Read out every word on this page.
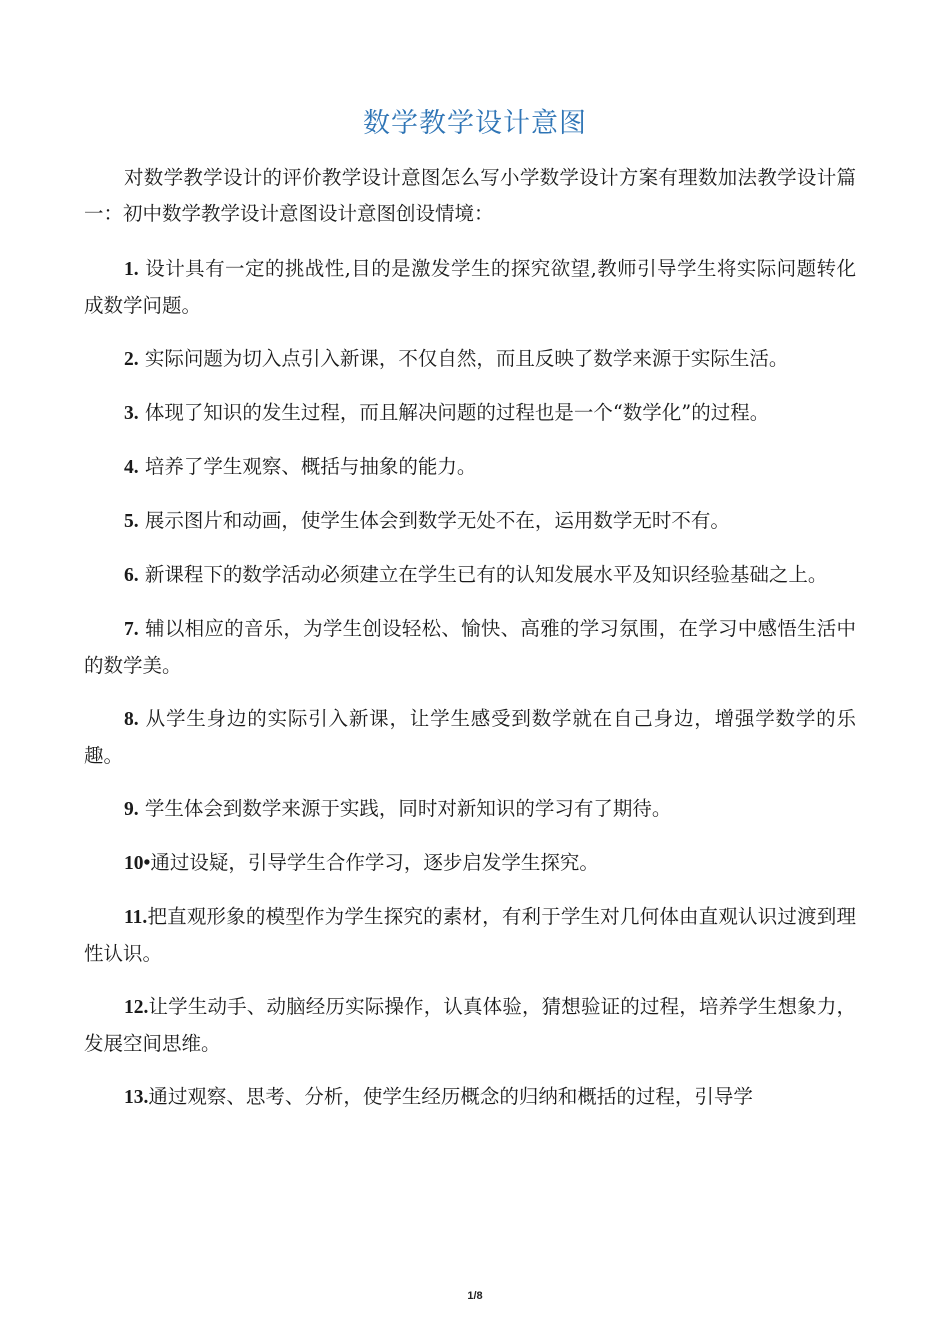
数学教学设计意图

对数学教学设计的评价教学设计意图怎么写小学数学设计方案有理数加法教学设计篇一：初中数学教学设计意图设计意图创设情境：

1. 设计具有一定的挑战性,目的是激发学生的探究欲望,教师引导学生将实际问题转化成数学问题。

2. 实际问题为切入点引入新课，不仅自然，而且反映了数学来源于实际生活。

3. 体现了知识的发生过程，而且解决问题的过程也是一个“数学化”的过程。

4. 培养了学生观察、概括与抽象的能力。

5. 展示图片和动画，使学生体会到数学无处不在，运用数学无时不有。

6. 新课程下的数学活动必须建立在学生已有的认知发展水平及知识经验基础之上。

7. 辅以相应的音乐，为学生创设轻松、愉快、高雅的学习氛围，在学习中感悟生活中的数学美。

8. 从学生身边的实际引入新课，让学生感受到数学就在自己身边，增强学数学的乐趣。

9. 学生体会到数学来源于实践，同时对新知识的学习有了期待。

10•通过设疑，引导学生合作学习，逐步启发学生探究。

11.把直观形象的模型作为学生探究的素材，有利于学生对几何体由直观认识过渡到理性认识。

12.让学生动手、动脑经历实际操作，认真体验，猜想验证的过程，培养学生想象力，发展空间思维。

13.通过观察、思考、分析，使学生经历概念的归纳和概括的过程，引导学

1/8
